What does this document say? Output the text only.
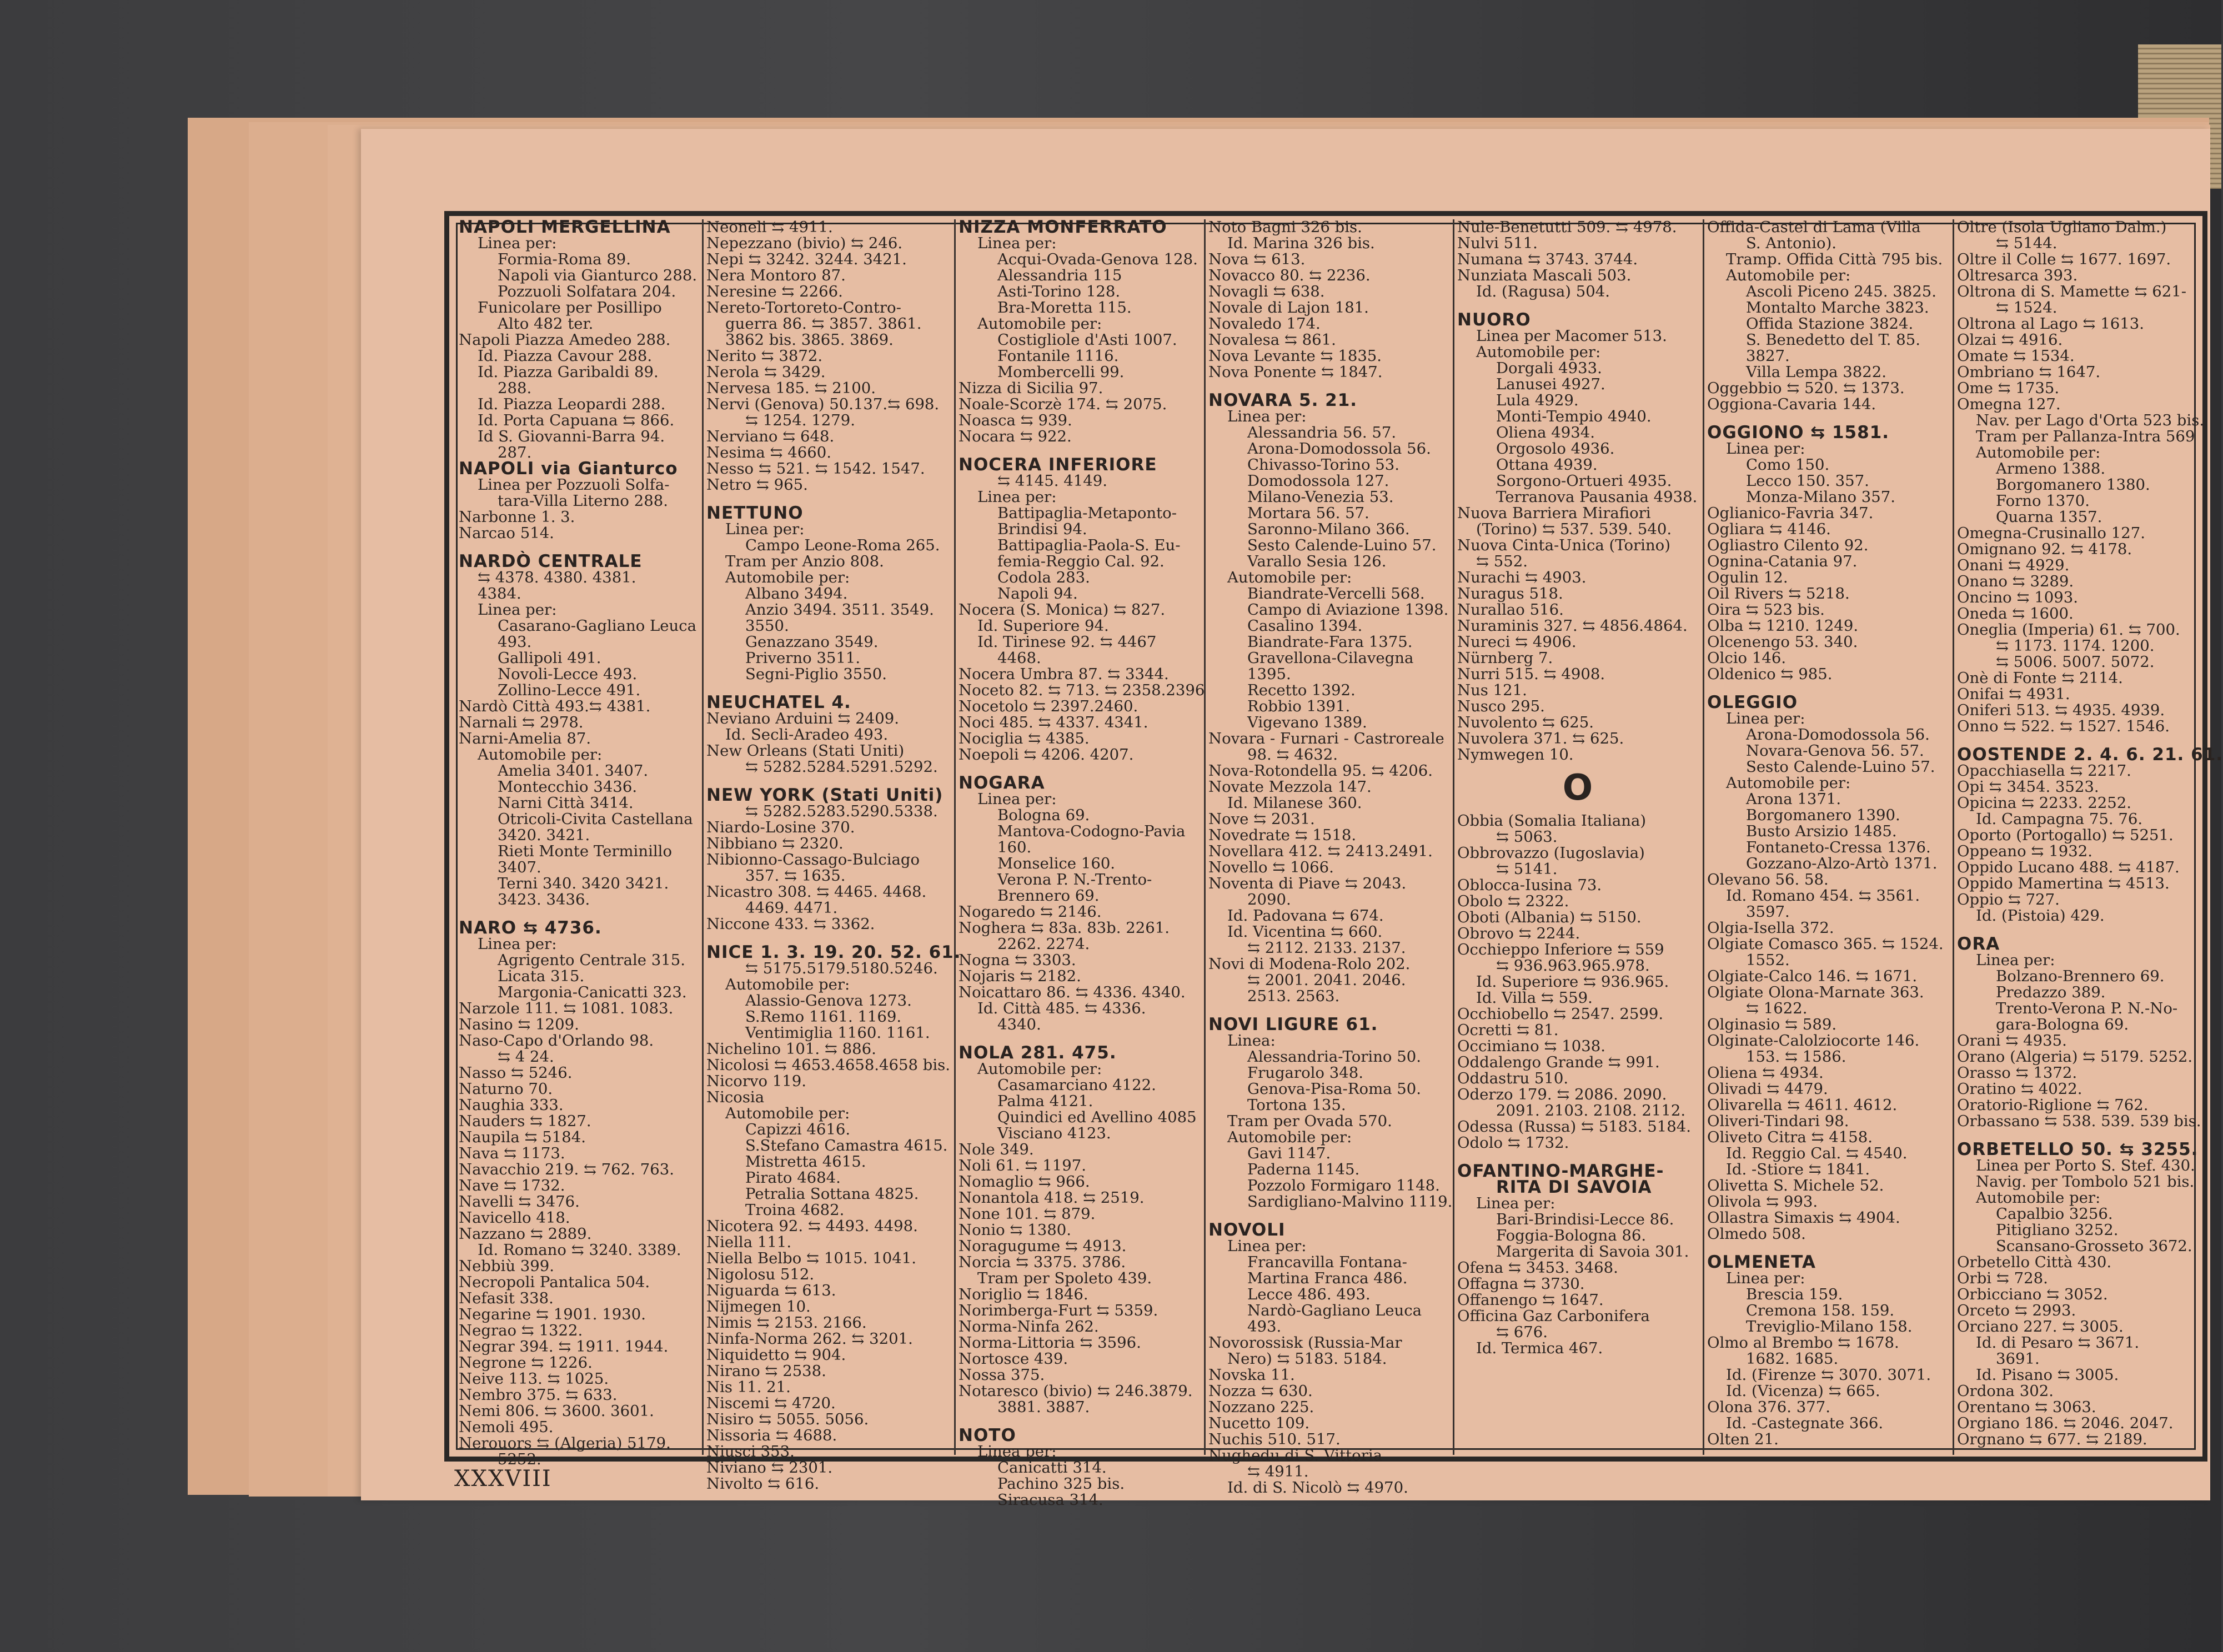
NAPOLI MERGELLINA
Linea per:
Formia-Roma 89.
Napoli via Gianturco 288.
Pozzuoli Solfatara 204.
Funicolare per Posillipo
Alto 482 ter.
Napoli Piazza Amedeo 288.
Id. Piazza Cavour 288.
Id. Piazza Garibaldi 89.
288.
Id. Piazza Leopardi 288.
Id. Porta Capuana ⇆ 866.
Id S. Giovanni-Barra 94.
287.
NAPOLI via Gianturco
Linea per Pozzuoli Solfa-
tara-Villa Literno 288.
Narbonne 1. 3.
Narcao 514.
NARDÒ CENTRALE
⇆ 4378. 4380. 4381.
4384.
Linea per:
Casarano-Gagliano Leuca
493.
Gallipoli 491.
Novoli-Lecce 493.
Zollino-Lecce 491.
Nardò Città 493.⇆ 4381.
Narnali ⇆ 2978.
Narni-Amelia 87.
Automobile per:
Amelia 3401. 3407.
Montecchio 3436.
Narni Città 3414.
Otricoli-Civita Castellana
3420. 3421.
Rieti Monte Terminillo
3407.
Terni 340. 3420 3421.
3423. 3436.
NARO ⇆ 4736.
Linea per:
Agrigento Centrale 315.
Licata 315.
Margonia-Canicatti 323.
Narzole 111. ⇆ 1081. 1083.
Nasino ⇆ 1209.
Naso-Capo d'Orlando 98.
⇆ 4 24.
Nasso ⇆ 5246.
Naturno 70.
Naughia 333.
Nauders ⇆ 1827.
Naupila ⇆ 5184.
Nava ⇆ 1173.
Navacchio 219. ⇆ 762. 763.
Nave ⇆ 1732.
Navelli ⇆ 3476.
Navicello 418.
Nazzano ⇆ 2889.
Id. Romano ⇆ 3240. 3389.
Nebbiù 399.
Necropoli Pantalica 504.
Nefasit 338.
Negarine ⇆ 1901. 1930.
Negrao ⇆ 1322.
Negrar 394. ⇆ 1911. 1944.
Negrone ⇆ 1226.
Neive 113. ⇆ 1025.
Nembro 375. ⇆ 633.
Nemi 806. ⇆ 3600. 3601.
Nemoli 495.
Nerouors ⇆ (Algeria) 5179.
5252.
Neoneli ⇆ 4911.
Nepezzano (bivio) ⇆ 246.
Nepi ⇆ 3242. 3244. 3421.
Nera Montoro 87.
Neresine ⇆ 2266.
Nereto-Tortoreto-Contro-
guerra 86. ⇆ 3857. 3861.
3862 bis. 3865. 3869.
Nerito ⇆ 3872.
Nerola ⇆ 3429.
Nervesa 185. ⇆ 2100.
Nervi (Genova) 50.137.⇆ 698.
⇆ 1254. 1279.
Nerviano ⇆ 648.
Nesima ⇆ 4660.
Nesso ⇆ 521. ⇆ 1542. 1547.
Netro ⇆ 965.
NETTUNO
Linea per:
Campo Leone-Roma 265.
Tram per Anzio 808.
Automobile per:
Albano 3494.
Anzio 3494. 3511. 3549.
3550.
Genazzano 3549.
Priverno 3511.
Segni-Piglio 3550.
NEUCHATEL 4.
Neviano Arduini ⇆ 2409.
Id. Secli-Aradeo 493.
New Orleans (Stati Uniti)
⇆ 5282.5284.5291.5292.
NEW YORK (Stati Uniti)
⇆ 5282.5283.5290.5338.
Niardo-Losine 370.
Nibbiano ⇆ 2320.
Nibionno-Cassago-Bulciago
357. ⇆ 1635.
Nicastro 308. ⇆ 4465. 4468.
4469. 4471.
Niccone 433. ⇆ 3362.
NICE 1. 3. 19. 20. 52. 61.
⇆ 5175.5179.5180.5246.
Automobile per:
Alassio-Genova 1273.
S.Remo 1161. 1169.
Ventimiglia 1160. 1161.
Nichelino 101. ⇆ 886.
Nicolosi ⇆ 4653.4658.4658 bis.
Nicorvo 119.
Nicosia
Automobile per:
Capizzi 4616.
S.Stefano Camastra 4615.
Mistretta 4615.
Pirato 4684.
Petralia Sottana 4825.
Troina 4682.
Nicotera 92. ⇆ 4493. 4498.
Niella 111.
Niella Belbo ⇆ 1015. 1041.
Nigolosu 512.
Niguarda ⇆ 613.
Nijmegen 10.
Nimis ⇆ 2153. 2166.
Ninfa-Norma 262. ⇆ 3201.
Niquidetto ⇆ 904.
Nirano ⇆ 2538.
Nis 11. 21.
Niscemi ⇆ 4720.
Nisiro ⇆ 5055. 5056.
Nissoria ⇆ 4688.
Niusci 353.
Niviano ⇆ 2301.
Nivolto ⇆ 616.
NIZZA MONFERRATO
Linea per:
Acqui-Ovada-Genova 128.
Alessandria 115
Asti-Torino 128.
Bra-Moretta 115.
Automobile per:
Costigliole d'Asti 1007.
Fontanile 1116.
Mombercelli 99.
Nizza di Sicilia 97.
Noale-Scorzè 174. ⇆ 2075.
Noasca ⇆ 939.
Nocara ⇆ 922.
NOCERA INFERIORE
⇆ 4145. 4149.
Linea per:
Battipaglia-Metaponto-
Brindisi 94.
Battipaglia-Paola-S. Eu-
femia-Reggio Cal. 92.
Codola 283.
Napoli 94.
Nocera (S. Monica) ⇆ 827.
Id. Superiore 94.
Id. Tirinese 92. ⇆ 4467
4468.
Nocera Umbra 87. ⇆ 3344.
Noceto 82. ⇆ 713. ⇆ 2358.2396
Nocetolo ⇆ 2397.2460.
Noci 485. ⇆ 4337. 4341.
Nociglia ⇆ 4385.
Noepoli ⇆ 4206. 4207.
NOGARA
Linea per:
Bologna 69.
Mantova-Codogno-Pavia
160.
Monselice 160.
Verona P. N.-Trento-
Brennero 69.
Nogaredo ⇆ 2146.
Noghera ⇆ 83a. 83b. 2261.
2262. 2274.
Nogna ⇆ 3303.
Nojaris ⇆ 2182.
Noicattaro 86. ⇆ 4336. 4340.
Id. Città 485. ⇆ 4336.
4340.
NOLA 281. 475.
Automobile per:
Casamarciano 4122.
Palma 4121.
Quindici ed Avellino 4085
Visciano 4123.
Nole 349.
Noli 61. ⇆ 1197.
Nomaglio ⇆ 966.
Nonantola 418. ⇆ 2519.
None 101. ⇆ 879.
Nonio ⇆ 1380.
Noragugume ⇆ 4913.
Norcia ⇆ 3375. 3786.
Tram per Spoleto 439.
Noriglio ⇆ 1846.
Norimberga-Furt ⇆ 5359.
Norma-Ninfa 262.
Norma-Littoria ⇆ 3596.
Nortosce 439.
Nossa 375.
Notaresco (bivio) ⇆ 246.3879.
3881. 3887.
NOTO
Linea per:
Canicatti 314.
Pachino 325 bis.
Siracusa 314.
Noto Bagni 326 bis.
Id. Marina 326 bis.
Nova ⇆ 613.
Novacco 80. ⇆ 2236.
Novagli ⇆ 638.
Novale di Lajon 181.
Novaledo 174.
Novalesa ⇆ 861.
Nova Levante ⇆ 1835.
Nova Ponente ⇆ 1847.
NOVARA 5. 21.
Linea per:
Alessandria 56. 57.
Arona-Domodossola 56.
Chivasso-Torino 53.
Domodossola 127.
Milano-Venezia 53.
Mortara 56. 57.
Saronno-Milano 366.
Sesto Calende-Luino 57.
Varallo Sesia 126.
Automobile per:
Biandrate-Vercelli 568.
Campo di Aviazione 1398.
Casalino 1394.
Biandrate-Fara 1375.
Gravellona-Cilavegna
1395.
Recetto 1392.
Robbio 1391.
Vigevano 1389.
Novara - Furnari - Castroreale
98. ⇆ 4632.
Nova-Rotondella 95. ⇆ 4206.
Novate Mezzola 147.
Id. Milanese 360.
Nove ⇆ 2031.
Novedrate ⇆ 1518.
Novellara 412. ⇆ 2413.2491.
Novello ⇆ 1066.
Noventa di Piave ⇆ 2043.
2090.
Id. Padovana ⇆ 674.
Id. Vicentina ⇆ 660.
⇆ 2112. 2133. 2137.
Novi di Modena-Rolo 202.
⇆ 2001. 2041. 2046.
2513. 2563.
NOVI LIGURE 61.
Linea:
Alessandria-Torino 50.
Frugarolo 348.
Genova-Pisa-Roma 50.
Tortona 135.
Tram per Ovada 570.
Automobile per:
Gavi 1147.
Paderna 1145.
Pozzolo Formigaro 1148.
Sardigliano-Malvino 1119.
NOVOLI
Linea per:
Francavilla Fontana-
Martina Franca 486.
Lecce 486. 493.
Nardò-Gagliano Leuca
493.
Novorossisk (Russia-Mar
Nero) ⇆ 5183. 5184.
Novska 11.
Nozza ⇆ 630.
Nozzano 225.
Nucetto 109.
Nuchis 510. 517.
Nughedu di S. Vittoria
⇆ 4911.
Id. di S. Nicolò ⇆ 4970.
Nule-Benetutti 509. ⇆ 4978.
Nulvi 511.
Numana ⇆ 3743. 3744.
Nunziata Mascali 503.
Id. (Ragusa) 504.
NUORO
Linea per Macomer 513.
Automobile per:
Dorgali 4933.
Lanusei 4927.
Lula 4929.
Monti-Tempio 4940.
Oliena 4934.
Orgosolo 4936.
Ottana 4939.
Sorgono-Ortueri 4935.
Terranova Pausania 4938.
Nuova Barriera Mirafiori
(Torino) ⇆ 537. 539. 540.
Nuova Cinta-Unica (Torino)
⇆ 552.
Nurachi ⇆ 4903.
Nuragus 518.
Nurallao 516.
Nuraminis 327. ⇆ 4856.4864.
Nureci ⇆ 4906.
Nürnberg 7.
Nurri 515. ⇆ 4908.
Nus 121.
Nusco 295.
Nuvolento ⇆ 625.
Nuvolera 371. ⇆ 625.
Nymwegen 10.
O
Obbia (Somalia Italiana)
⇆ 5063.
Obbrovazzo (Iugoslavia)
⇆ 5141.
Oblocca-Iusina 73.
Obolo ⇆ 2322.
Oboti (Albania) ⇆ 5150.
Obrovo ⇆ 2244.
Occhieppo Inferiore ⇆ 559
⇆ 936.963.965.978.
Id. Superiore ⇆ 936.965.
Id. Villa ⇆ 559.
Occhiobello ⇆ 2547. 2599.
Ocretti ⇆ 81.
Occimiano ⇆ 1038.
Oddalengo Grande ⇆ 991.
Oddastru 510.
Oderzo 179. ⇆ 2086. 2090.
2091. 2103. 2108. 2112.
Odessa (Russa) ⇆ 5183. 5184.
Odolo ⇆ 1732.
OFANTINO-MARGHE-
RITA DI SAVOIA
Linea per:
Bari-Brindisi-Lecce 86.
Foggia-Bologna 86.
Margerita di Savoia 301.
Ofena ⇆ 3453. 3468.
Offagna ⇆ 3730.
Offanengo ⇆ 1647.
Officina Gaz Carbonifera
⇆ 676.
Id. Termica 467.
Offida-Castel di Lama (Villa
S. Antonio).
Tramp. Offida Città 795 bis.
Automobile per:
Ascoli Piceno 245. 3825.
Montalto Marche 3823.
Offida Stazione 3824.
S. Benedetto del T. 85.
3827.
Villa Lempa 3822.
Oggebbio ⇆ 520. ⇆ 1373.
Oggiona-Cavaria 144.
OGGIONO ⇆ 1581.
Linea per:
Como 150.
Lecco 150. 357.
Monza-Milano 357.
Oglianico-Favria 347.
Ogliara ⇆ 4146.
Ogliastro Cilento 92.
Ognina-Catania 97.
Ogulin 12.
Oil Rivers ⇆ 5218.
Oira ⇆ 523 bis.
Olba ⇆ 1210. 1249.
Olcenengo 53. 340.
Olcio 146.
Oldenico ⇆ 985.
OLEGGIO
Linea per:
Arona-Domodossola 56.
Novara-Genova 56. 57.
Sesto Calende-Luino 57.
Automobile per:
Arona 1371.
Borgomanero 1390.
Busto Arsizio 1485.
Fontaneto-Cressa 1376.
Gozzano-Alzo-Artò 1371.
Olevano 56. 58.
Id. Romano 454. ⇆ 3561.
3597.
Olgia-Isella 372.
Olgiate Comasco 365. ⇆ 1524.
1552.
Olgiate-Calco 146. ⇆ 1671.
Olgiate Olona-Marnate 363.
⇆ 1622.
Olginasio ⇆ 589.
Olginate-Calolziocorte 146.
153. ⇆ 1586.
Oliena ⇆ 4934.
Olivadi ⇆ 4479.
Olivarella ⇆ 4611. 4612.
Oliveri-Tindari 98.
Oliveto Citra ⇆ 4158.
Id. Reggio Cal. ⇆ 4540.
Id. -Stiore ⇆ 1841.
Olivetta S. Michele 52.
Olivola ⇆ 993.
Ollastra Simaxis ⇆ 4904.
Olmedo 508.
OLMENETA
Linea per:
Brescia 159.
Cremona 158. 159.
Treviglio-Milano 158.
Olmo al Brembo ⇆ 1678.
1682. 1685.
Id. (Firenze ⇆ 3070. 3071.
Id. (Vicenza) ⇆ 665.
Olona 376. 377.
Id. -Castegnate 366.
Olten 21.
Oltre (Isola Ugliano Dalm.)
⇆ 5144.
Oltre il Colle ⇆ 1677. 1697.
Oltresarca 393.
Oltrona di S. Mamette ⇆ 621-
⇆ 1524.
Oltrona al Lago ⇆ 1613.
Olzai ⇆ 4916.
Omate ⇆ 1534.
Ombriano ⇆ 1647.
Ome ⇆ 1735.
Omegna 127.
Nav. per Lago d'Orta 523 bis.
Tram per Pallanza-Intra 569
Automobile per:
Armeno 1388.
Borgomanero 1380.
Forno 1370.
Quarna 1357.
Omegna-Crusinallo 127.
Omignano 92. ⇆ 4178.
Onani ⇆ 4929.
Onano ⇆ 3289.
Oncino ⇆ 1093.
Oneda ⇆ 1600.
Oneglia (Imperia) 61. ⇆ 700.
⇆ 1173. 1174. 1200.
⇆ 5006. 5007. 5072.
Onè di Fonte ⇆ 2114.
Onifai ⇆ 4931.
Oniferi 513. ⇆ 4935. 4939.
Onno ⇆ 522. ⇆ 1527. 1546.
OOSTENDE 2. 4. 6. 21. 61.
Opacchiasella ⇆ 2217.
Opi ⇆ 3454. 3523.
Opicina ⇆ 2233. 2252.
Id. Campagna 75. 76.
Oporto (Portogallo) ⇆ 5251.
Oppeano ⇆ 1932.
Oppido Lucano 488. ⇆ 4187.
Oppido Mamertina ⇆ 4513.
Oppio ⇆ 727.
Id. (Pistoia) 429.
ORA
Linea per:
Bolzano-Brennero 69.
Predazzo 389.
Trento-Verona P. N.-No-
gara-Bologna 69.
Orani ⇆ 4935.
Orano (Algeria) ⇆ 5179. 5252.
Orasso ⇆ 1372.
Oratino ⇆ 4022.
Oratorio-Riglione ⇆ 762.
Orbassano ⇆ 538. 539. 539 bis.
ORBETELLO 50. ⇆ 3255.
Linea per Porto S. Stef. 430.
Navig. per Tombolo 521 bis.
Automobile per:
Capalbio 3256.
Pitigliano 3252.
Scansano-Grosseto 3672.
Orbetello Città 430.
Orbi ⇆ 728.
Orbicciano ⇆ 3052.
Orceto ⇆ 2993.
Orciano 227. ⇆ 3005.
Id. di Pesaro ⇆ 3671.
3691.
Id. Pisano ⇆ 3005.
Ordona 302.
Orentano ⇆ 3063.
Orgiano 186. ⇆ 2046. 2047.
Orgnano ⇆ 677. ⇆ 2189.
XXXVIII
